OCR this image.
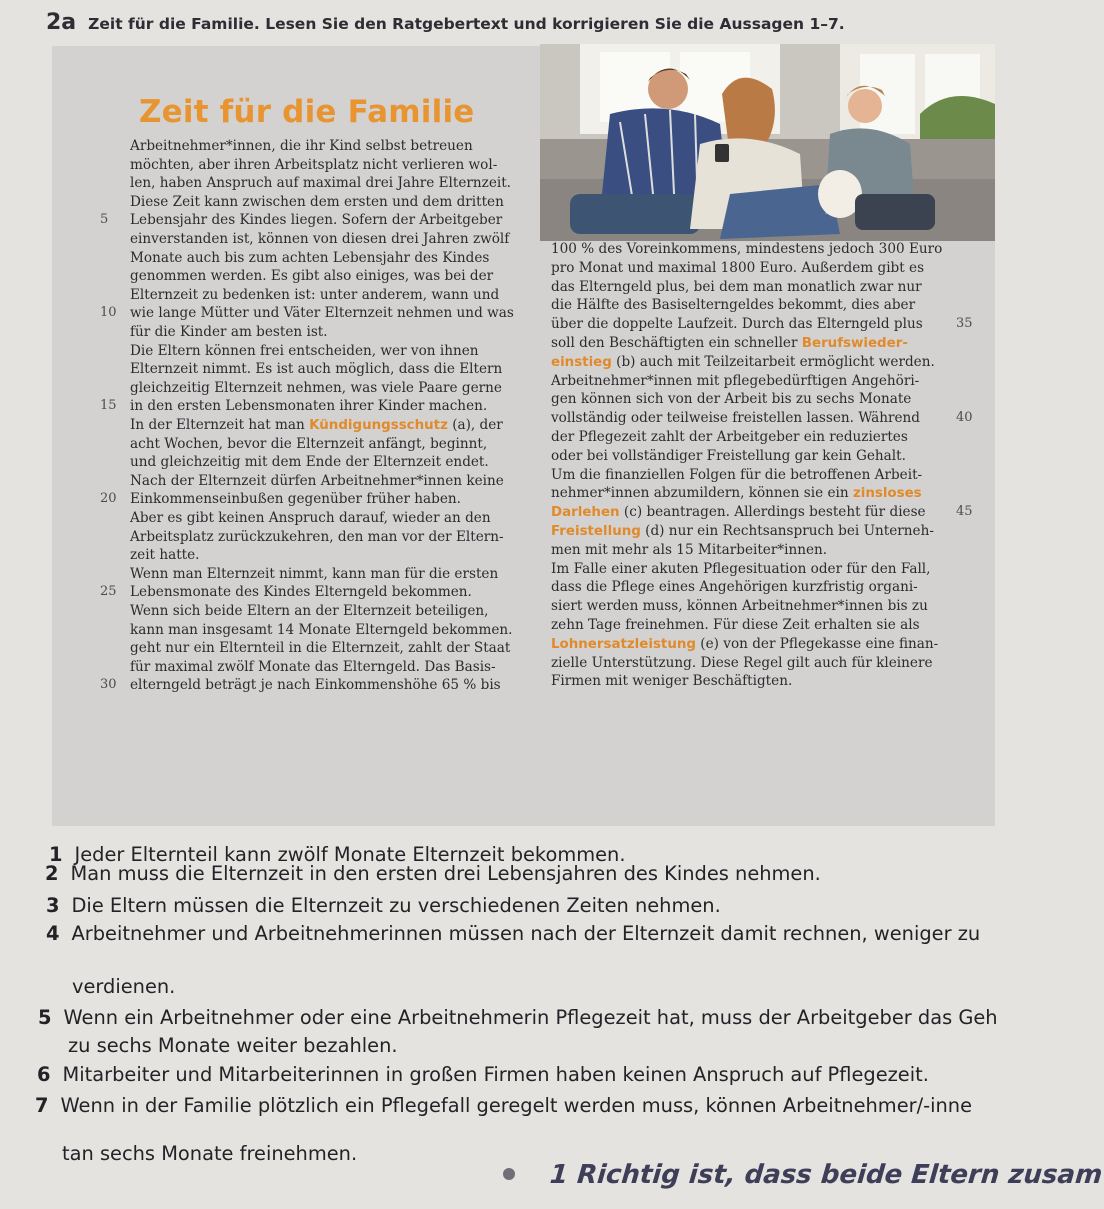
2a Zeit für die Familie. Lesen Sie den Ratgebertext und korrigieren Sie die Aussagen 1–7.
Zeit für die Familie
Arbeitnehmer*innen, die ihr Kind selbst betreuen
möchten, aber ihren Arbeitsplatz nicht verlieren wol-
len, haben Anspruch auf maximal drei Jahre Elternzeit.
Diese Zeit kann zwischen dem ersten und dem dritten
Lebensjahr des Kindes liegen. Sofern der Arbeitgeber
5
einverstanden ist, können von diesen drei Jahren zwölf
Monate auch bis zum achten Lebensjahr des Kindes
genommen werden. Es gibt also einiges, was bei der
Elternzeit zu bedenken ist: unter anderem, wann und
wie lange Mütter und Väter Elternzeit nehmen und was
10
für die Kinder am besten ist.
Die Eltern können frei entscheiden, wer von ihnen
Elternzeit nimmt. Es ist auch möglich, dass die Eltern
gleichzeitig Elternzeit nehmen, was viele Paare gerne
in den ersten Lebensmonaten ihrer Kinder machen.
15
In der Elternzeit hat man Kündigungsschutz (a), der
acht Wochen, bevor die Elternzeit anfängt, beginnt,
und gleichzeitig mit dem Ende der Elternzeit endet.
Nach der Elternzeit dürfen Arbeitnehmer*innen keine
Einkommenseinbußen gegenüber früher haben.
20
Aber es gibt keinen Anspruch darauf, wieder an den
Arbeitsplatz zurückzukehren, den man vor der Eltern-
zeit hatte.
Wenn man Elternzeit nimmt, kann man für die ersten
Lebensmonate des Kindes Elterngeld bekommen.
25
Wenn sich beide Eltern an der Elternzeit beteiligen,
kann man insgesamt 14 Monate Elterngeld bekommen.
geht nur ein Elternteil in die Elternzeit, zahlt der Staat
für maximal zwölf Monate das Elterngeld. Das Basis-
elterngeld beträgt je nach Einkommenshöhe 65 % bis
30
100 % des Voreinkommens, mindestens jedoch 300 Euro
pro Monat und maximal 1800 Euro. Außerdem gibt es
das Elterngeld plus, bei dem man monatlich zwar nur
die Hälfte des Basiselterngeldes bekommt, dies aber
über die doppelte Laufzeit. Durch das Elterngeld plus	35
soll den Beschäftigten ein schneller Berufswieder-
einstieg (b) auch mit Teilzeitarbeit ermöglicht werden.
Arbeitnehmer*innen mit pflegebedürftigen Angehöri-
gen können sich von der Arbeit bis zu sechs Monate
vollständig oder teilweise freistellen lassen. Während	40
der Pflegezeit zahlt der Arbeitgeber ein reduziertes
oder bei vollständiger Freistellung gar kein Gehalt.
Um die finanziellen Folgen für die betroffenen Arbeit-
nehmer*innen abzumildern, können sie ein zinsloses
Darlehen (c) beantragen. Allerdings besteht für diese 45
Freistellung (d) nur ein Rechtsanspruch bei Unterneh-
men mit mehr als 15 Mitarbeiter*innen.
Im Falle einer akuten Pflegesituation oder für den Fall,
dass die Pflege eines Angehörigen kurzfristig organi-
siert werden muss, können Arbeitnehmer*innen bis zu
zehn Tage freinehmen. Für diese Zeit erhalten sie als
Lohnersatzleistung (e) von der Pflegekasse eine finan-
zielle Unterstützung. Diese Regel gilt auch für kleinere
Firmen mit weniger Beschäftigten.
1 Jeder Elternteil kann zwölf Monate Elternzeit bekommen.
2 Man muss die Elternzeit in den ersten drei Lebensjahren des Kindes nehmen.
3 Die Eltern müssen die Elternzeit zu verschiedenen Zeiten nehmen.
4 Arbeitnehmer und Arbeitnehmerinnen müssen nach der Elternzeit damit rechnen, weniger zu
verdienen.
5 Wenn ein Arbeitnehmer oder eine Arbeitnehmerin Pflegezeit hat, muss der Arbeitgeber das Geh
zu sechs Monate weiter bezahlen.
6 Mitarbeiter und Mitarbeiterinnen in großen Firmen haben keinen Anspruch auf Pflegezeit.
7 Wenn in der Familie plötzlich ein Pflegefall geregelt werden muss, können Arbeitnehmer/-inne
tan sechs Monate freinehmen.
1 Richtig ist, dass beide Eltern zusam
